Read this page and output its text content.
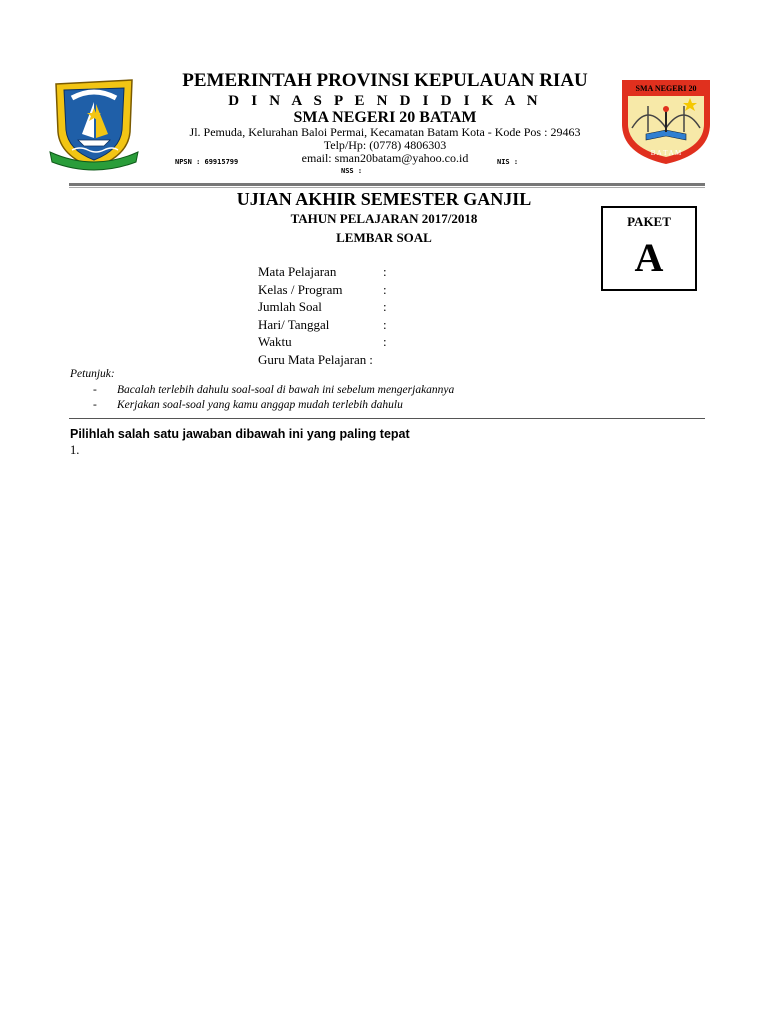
SMA NEGERI 20
B A T A M
PEMERINTAH PROVINSI KEPULAUAN RIAU
D I N A S P E N D I D I K A N
SMA NEGERI 20 BATAM
Jl. Pemuda, Kelurahan Baloi Permai, Kecamatan Batam Kota - Kode Pos : 29463
Telp/Hp: (0778) 4806303
email: sman20batam@yahoo.co.id
NPSN : 69915799
NSS :
NIS :
UJIAN AKHIR SEMESTER GANJIL
TAHUN PELAJARAN 2017/2018
LEMBAR SOAL
PAKET
A
Mata Pelajaran	:
Kelas / Program	:
Jumlah Soal	:
Hari/ Tanggal	:
Waktu	:
Guru Mata Pelajaran :
Petunjuk:
- Bacalah terlebih dahulu soal-soal di bawah ini sebelum mengerjakannya
- Kerjakan soal-soal yang kamu anggap mudah terlebih dahulu
Pilihlah salah satu jawaban dibawah ini yang paling tepat
1.
